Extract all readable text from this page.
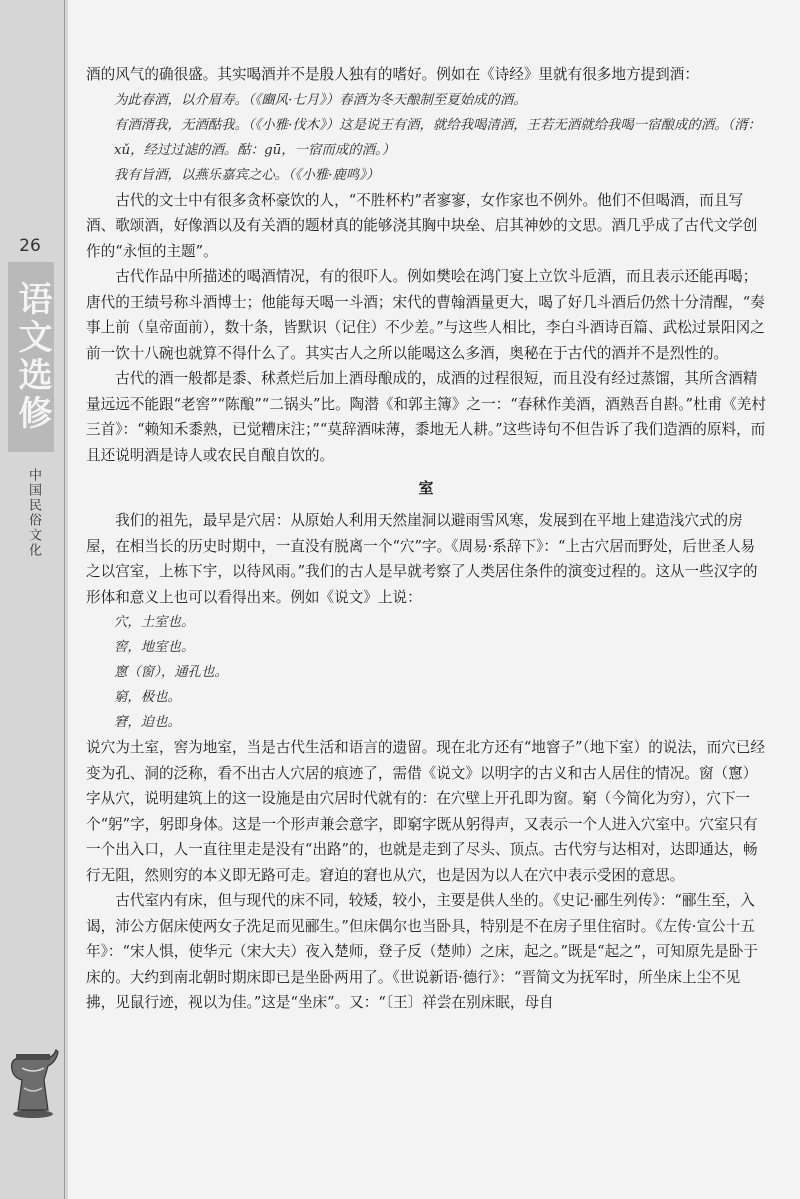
26
语文选修
中国民俗文化

酒的风气的确很盛。其实喝酒并不是殷人独有的嗜好。例如在《诗经》里就有很多地方提到酒：

为此春酒，以介眉寿。（《豳风·七月》）春酒为冬天酿制至夏始成的酒。

有酒湑我，无酒酤我。（《小雅·伐木》）这是说王有酒，就给我喝清酒，王若无酒就给我喝一宿酿成的酒。（湑：xǔ，经过过滤的酒。酤：gū，一宿而成的酒。）

我有旨酒，以燕乐嘉宾之心。（《小雅·鹿鸣》）

古代的文士中有很多贪杯豪饮的人，“不胜杯杓”者寥寥，女作家也不例外。他们不但喝酒，而且写酒、歌颂酒，好像酒以及有关酒的题材真的能够浇其胸中块垒、启其神妙的文思。酒几乎成了古代文学创作的“永恒的主题”。

古代作品中所描述的喝酒情况，有的很吓人。例如樊哙在鸿门宴上立饮斗卮酒，而且表示还能再喝；唐代的王绩号称斗酒博士；他能每天喝一斗酒；宋代的曹翰酒量更大，喝了好几斗酒后仍然十分清醒，“奏事上前（皇帝面前），数十条，皆默识（记住）不少差。”与这些人相比，李白斗酒诗百篇、武松过景阳冈之前一饮十八碗也就算不得什么了。其实古人之所以能喝这么多酒，奥秘在于古代的酒并不是烈性的。

古代的酒一般都是黍、秫煮烂后加上酒母酿成的，成酒的过程很短，而且没有经过蒸馏，其所含酒精量远远不能跟“老窖”“陈酿”“二锅头”比。陶潜《和郭主簿》之一：“春秫作美酒，酒熟吾自斟。”杜甫《羌村三首》：“赖知禾黍熟，已觉糟床注；”“莫辞酒味薄，黍地无人耕。”这些诗句不但告诉了我们造酒的原料，而且还说明酒是诗人或农民自酿自饮的。

室

我们的祖先，最早是穴居：从原始人利用天然崖洞以避雨雪风寒，发展到在平地上建造浅穴式的房屋，在相当长的历史时期中，一直没有脱离一个“穴”字。《周易·系辞下》：“上古穴居而野处，后世圣人易之以宫室，上栋下宇，以待风雨。”我们的古人是早就考察了人类居住条件的演变过程的。这从一些汉字的形体和意义上也可以看得出来。例如《说文》上说：

穴，土室也。

窖，地室也。

窻（窗），通孔也。

窮，极也。

窘，迫也。

说穴为土室，窖为地室，当是古代生活和语言的遗留。现在北方还有“地窨子”（地下室）的说法，而穴已经变为孔、洞的泛称，看不出古人穴居的痕迹了，需借《说文》以明字的古义和古人居住的情况。窗（窻）字从穴，说明建筑上的这一设施是由穴居时代就有的：在穴壁上开孔即为窗。窮（今简化为穷），穴下一个“躬”字，躬即身体。这是一个形声兼会意字，即窮字既从躬得声，又表示一个人进入穴室中。穴室只有一个出入口，人一直往里走是没有“出路”的，也就是走到了尽头、顶点。古代穷与达相对，达即通达，畅行无阻，然则穷的本义即无路可走。窘迫的窘也从穴，也是因为以人在穴中表示受困的意思。

古代室内有床，但与现代的床不同，较矮，较小，主要是供人坐的。《史记·郦生列传》：“郦生至，入谒，沛公方倨床使两女子洗足而见郦生。”但床偶尔也当卧具，特别是不在房子里住宿时。《左传·宣公十五年》：“宋人惧，使华元（宋大夫）夜入楚师，登子反（楚帅）之床，起之。”既是“起之”，可知原先是卧于床的。大约到南北朝时期床即已是坐卧两用了。《世说新语·德行》：“晋简文为抚军时，所坐床上尘不见拂，见鼠行迹，视以为佳。”这是“坐床”。又：“〔王〕祥尝在别床眠，母自
